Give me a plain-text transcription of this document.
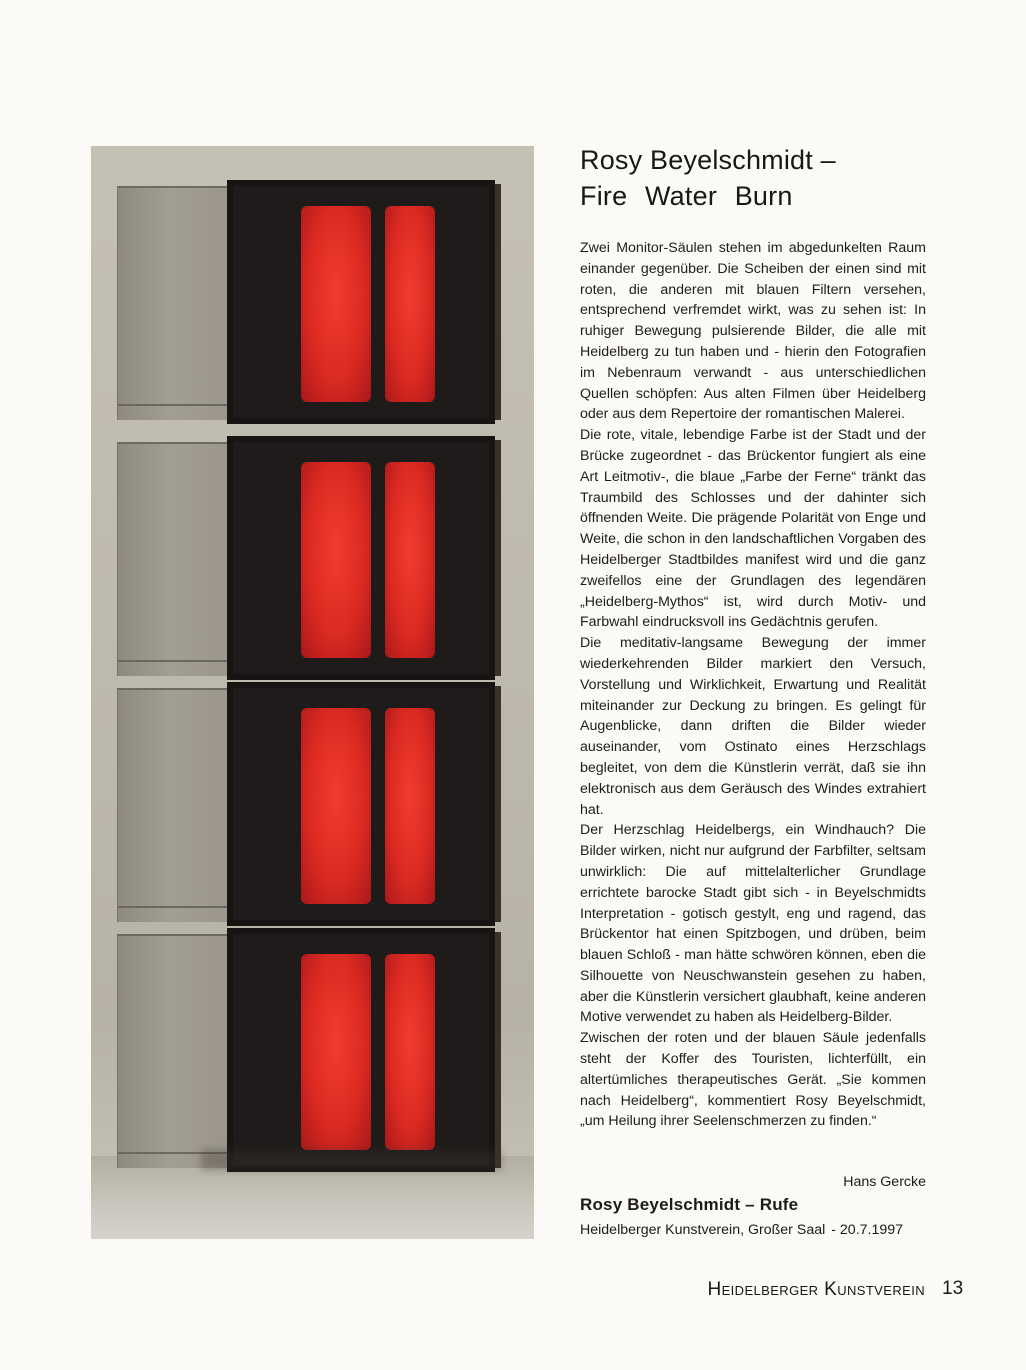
Rosy Beyelschmidt –
Fire Water Burn

Zwei Monitor-Säulen stehen im abgedunkelten Raum einander gegenüber. Die Scheiben der einen sind mit roten, die anderen mit blauen Filtern versehen, entsprechend verfremdet wirkt, was zu sehen ist: In ruhiger Bewegung pulsierende Bilder, die alle mit Heidelberg zu tun haben und - hierin den Fotografien im Nebenraum verwandt - aus unterschiedlichen Quellen schöpfen: Aus alten Filmen über Heidelberg oder aus dem Repertoire der romantischen Malerei.

Die rote, vitale, lebendige Farbe ist der Stadt und der Brücke zugeordnet - das Brückentor fungiert als eine Art Leitmotiv-, die blaue „Farbe der Ferne“ tränkt das Traumbild des Schlosses und der dahinter sich öffnenden Weite. Die prägende Polarität von Enge und Weite, die schon in den landschaftlichen Vorgaben des Heidelberger Stadtbildes manifest wird und die ganz zweifellos eine der Grundlagen des legendären „Heidelberg-Mythos“ ist, wird durch Motiv- und Farbwahl eindrucksvoll ins Gedächtnis gerufen.

Die meditativ-langsame Bewegung der immer wiederkehrenden Bilder markiert den Versuch, Vorstellung und Wirklichkeit, Erwartung und Realität miteinander zur Deckung zu bringen. Es gelingt für Augenblicke, dann driften die Bilder wieder auseinander, vom Ostinato eines Herzschlags begleitet, von dem die Künstlerin verrät, daß sie ihn elektronisch aus dem Geräusch des Windes extrahiert hat.

Der Herzschlag Heidelbergs, ein Windhauch? Die Bilder wirken, nicht nur aufgrund der Farbfilter, seltsam unwirklich: Die auf mittelalterlicher Grundlage errichtete barocke Stadt gibt sich - in Beyelschmidts Interpretation - gotisch gestylt, eng und ragend, das Brückentor hat einen Spitzbogen, und drüben, beim blauen Schloß - man hätte schwören können, eben die Silhouette von Neuschwanstein gesehen zu haben, aber die Künstlerin versichert glaubhaft, keine anderen Motive verwendet zu haben als Heidelberg-Bilder.

Zwischen der roten und der blauen Säule jedenfalls steht der Koffer des Touristen, lichterfüllt, ein altertümliches therapeutisches Gerät. „Sie kommen nach Heidelberg“, kommentiert Rosy Beyelschmidt, „um Heilung ihrer Seelenschmerzen zu finden.“

Hans Gercke
Rosy Beyelschmidt – Rufe
Heidelberger Kunstverein, Großer Saal - 20.7.1997
Heidelberger Kunstverein 13
